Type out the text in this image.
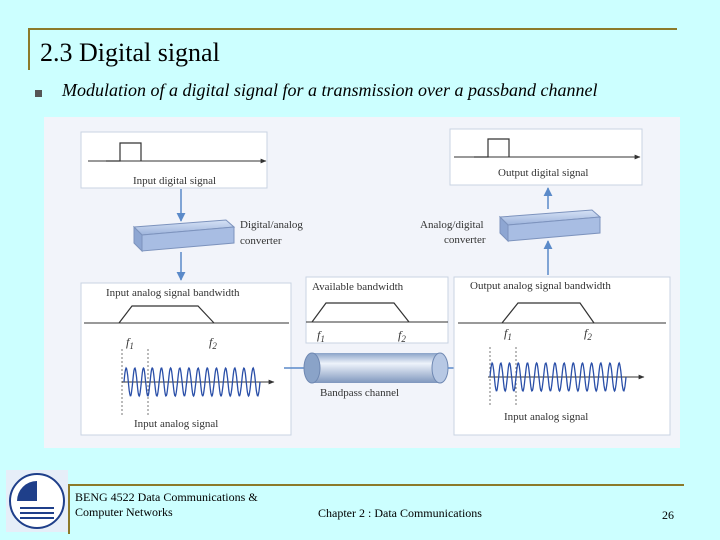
2.3 Digital signal
Modulation of a digital signal for a transmission over a passband channel
Input digital signal
Digital/analog
converter
Input analog signal bandwidth
$f_1$	$f_2$
Input analog signal
Available bandwidth
$f_1$	$f_2$
Bandpass channel
Output analog signal bandwidth
$f_1$	$f_2$
Input analog signal
Analog/digital
converter
Output digital signal
BENG 4522 Data Communications &
Computer Networks	Chapter 2 : Data Communications	26
